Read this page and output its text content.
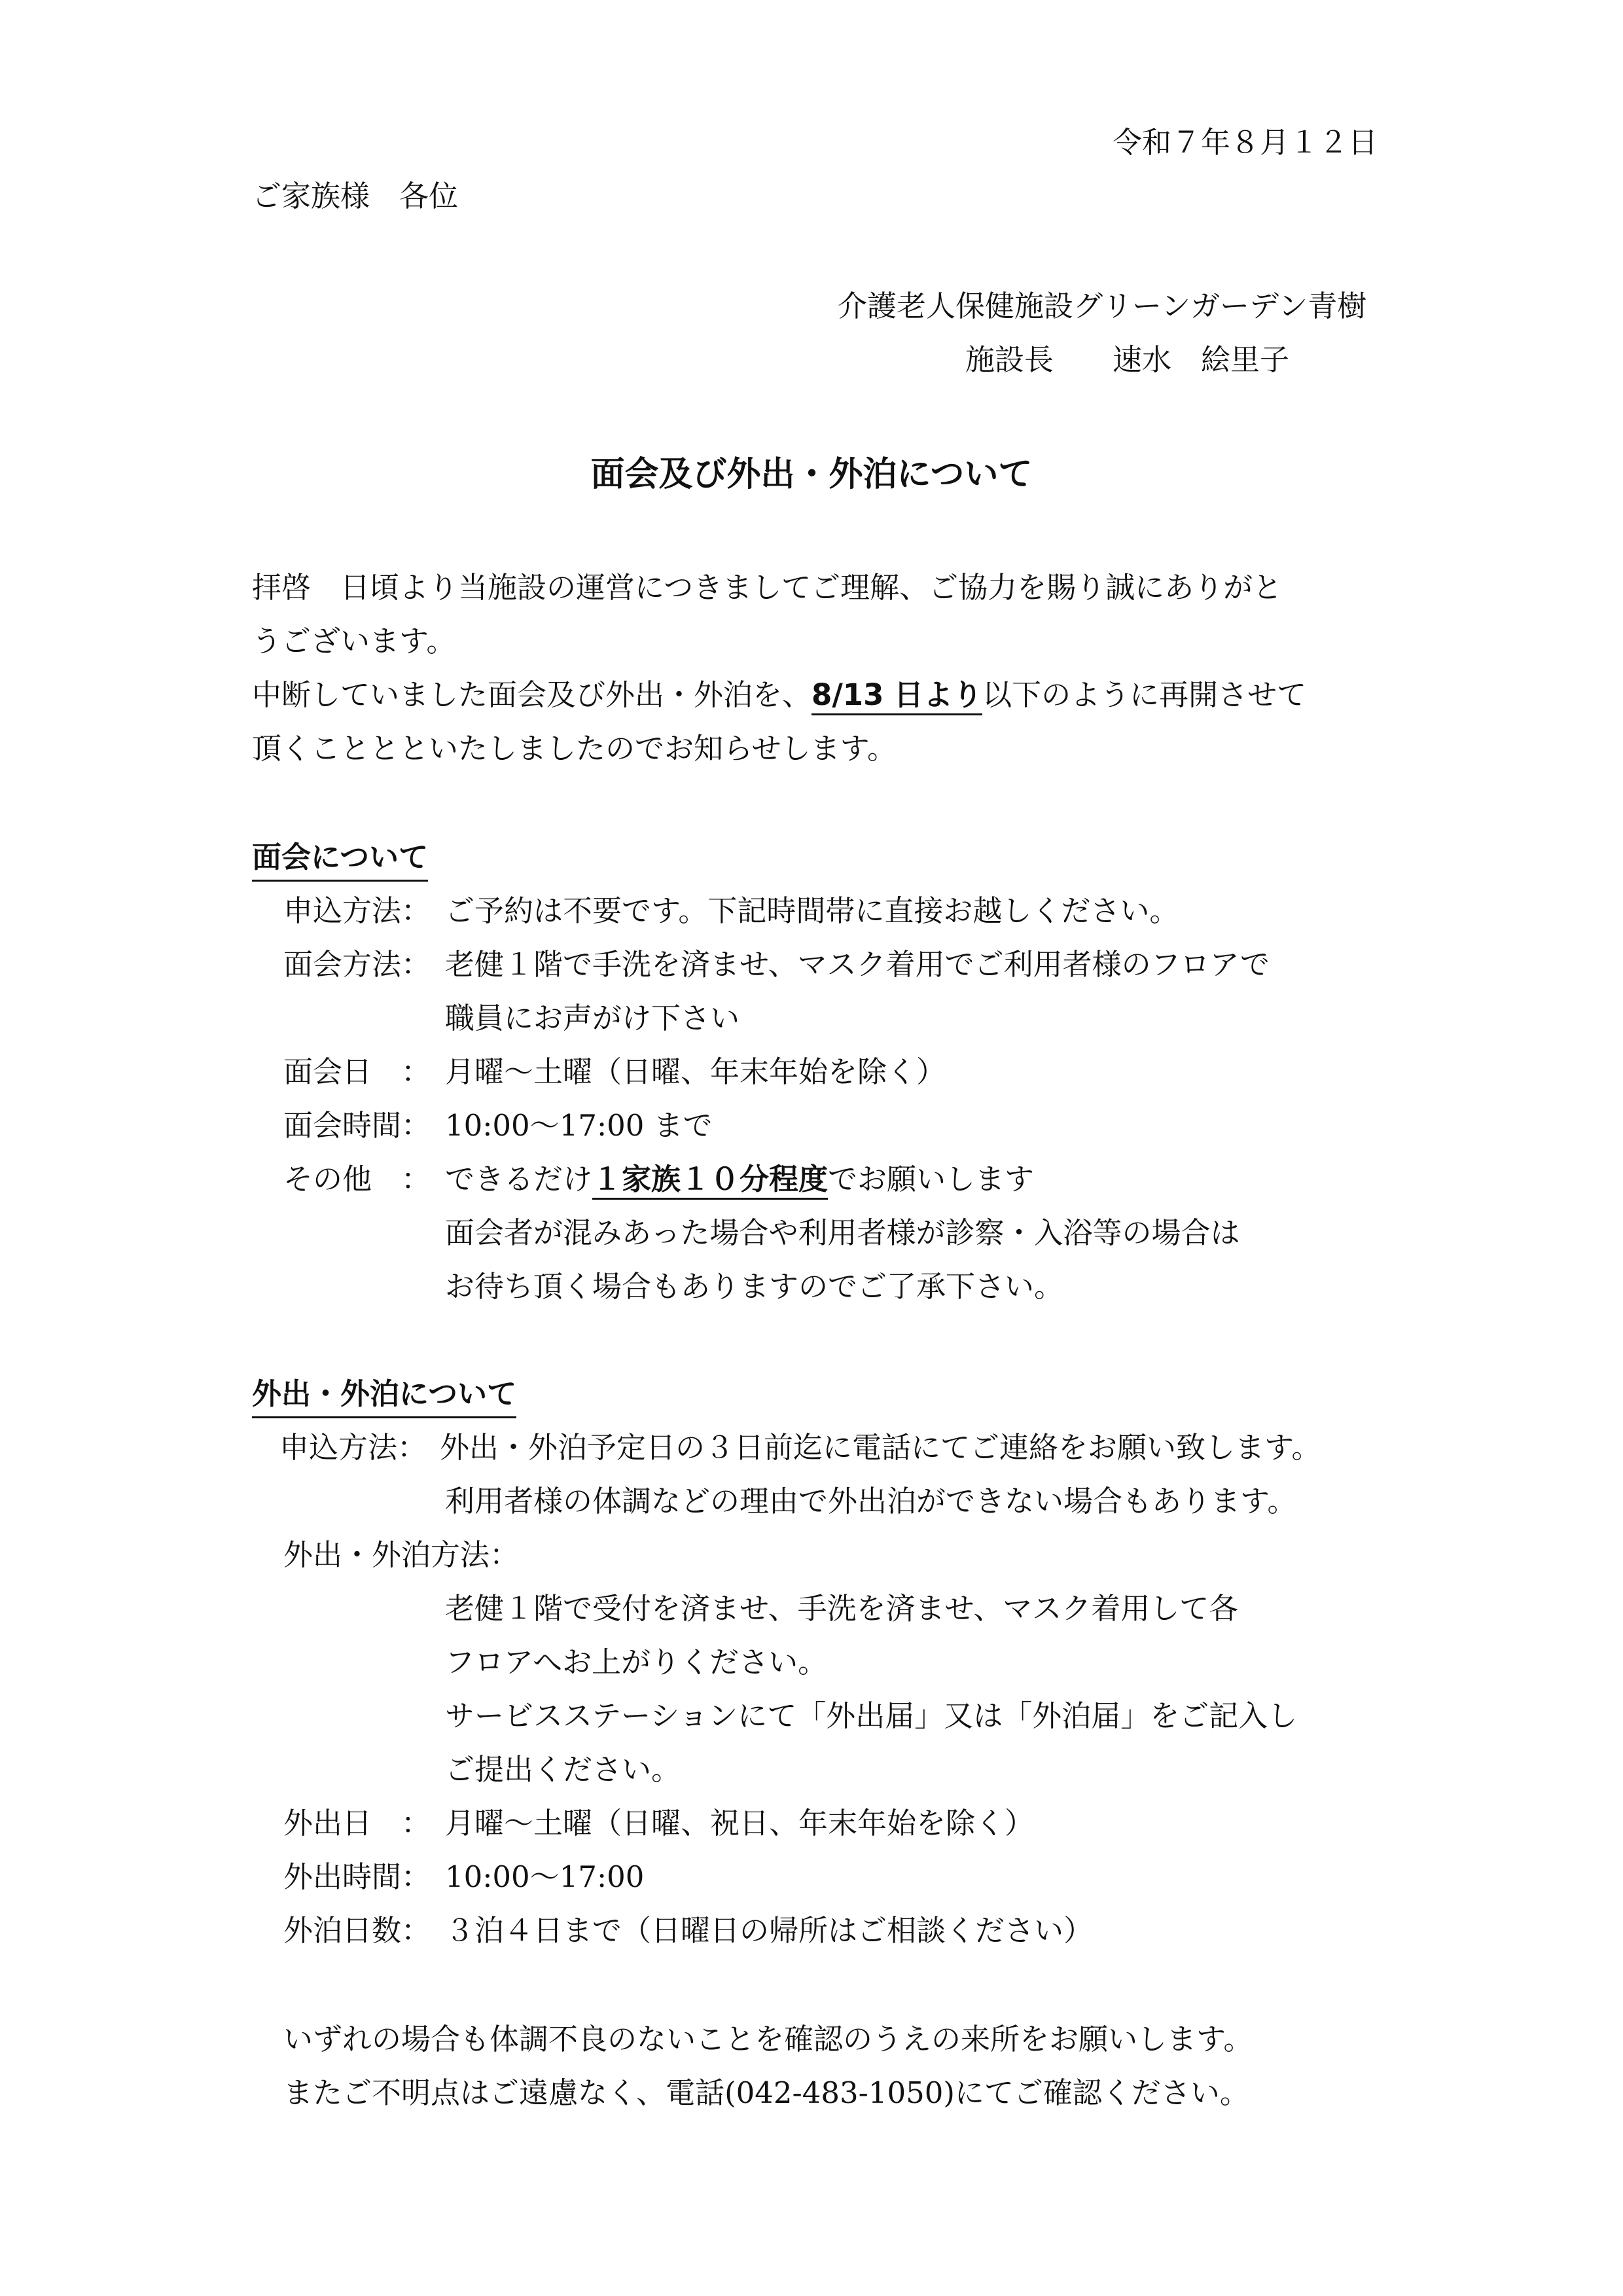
令和７年８月１２日
ご家族様　各位
介護老人保健施設グリーンガーデン青樹
施設長　　速水　絵里子
面会及び外出・外泊について
拝啓　日頃より当施設の運営につきましてご理解、ご協力を賜り誠にありがと
うございます。
中断していました面会及び外出・外泊を、8/13 日より以下のように再開させて
頂くこととといたしましたのでお知らせします。
面会について
申込方法： ご予約は不要です。下記時間帯に直接お越しください。
面会方法： 老健１階で手洗を済ませ、マスク着用でご利用者様のフロアで
職員にお声がけ下さい
面会日　： 月曜～土曜（日曜、年末年始を除く）
面会時間： 10:00～17:00 まで
その他　： できるだけ１家族１０分程度でお願いします
面会者が混みあった場合や利用者様が診察・入浴等の場合は
お待ち頂く場合もありますのでご了承下さい。
外出・外泊について
申込方法： 外出・外泊予定日の３日前迄に電話にてご連絡をお願い致します。
利用者様の体調などの理由で外出泊ができない場合もあります。
外出・外泊方法：
老健１階で受付を済ませ、手洗を済ませ、マスク着用して各
フロアへお上がりください。
サービスステーションにて「外出届」又は「外泊届」をご記入し
ご提出ください。
外出日　： 月曜～土曜（日曜、祝日、年末年始を除く）
外出時間： 10:00～17:00
外泊日数： ３泊４日まで（日曜日の帰所はご相談ください）
いずれの場合も体調不良のないことを確認のうえの来所をお願いします。
またご不明点はご遠慮なく、電話(042-483-1050)にてご確認ください。
